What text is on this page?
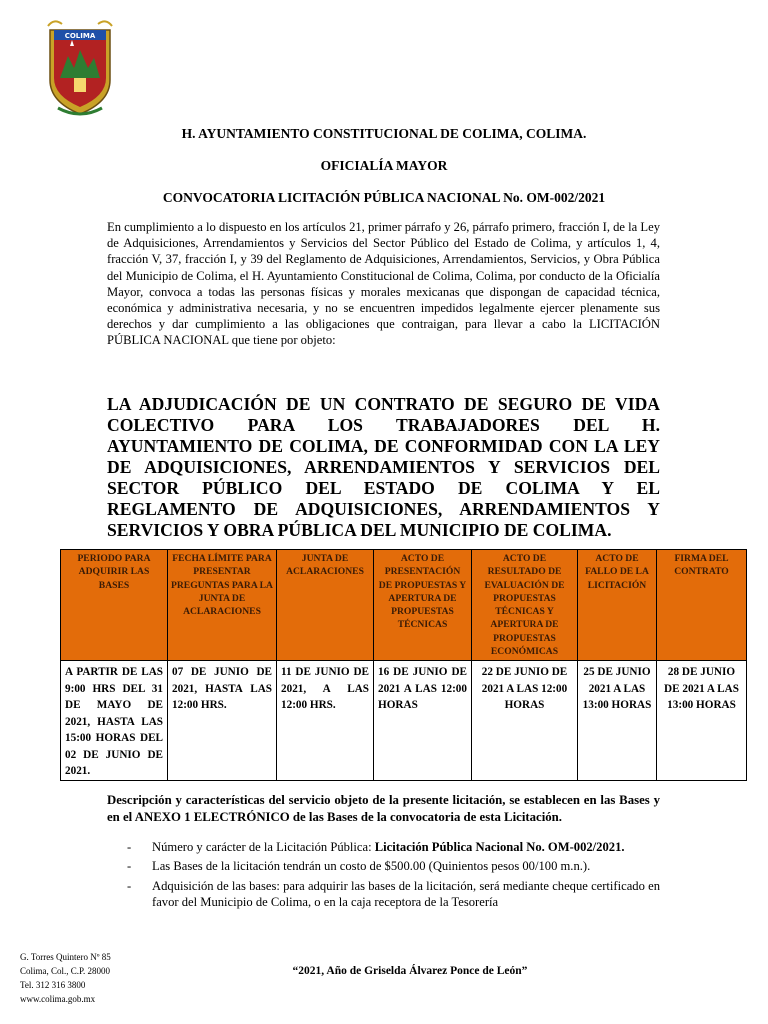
COLIMA
H. AYUNTAMIENTO CONSTITUCIONAL DE COLIMA, COLIMA.
OFICIALÍA MAYOR
CONVOCATORIA LICITACIÓN PÚBLICA NACIONAL No. OM-002/2021
En cumplimiento a lo dispuesto en los artículos 21, primer párrafo y 26, párrafo primero, fracción I, de la Ley de Adquisiciones, Arrendamientos y Servicios del Sector Público del Estado de Colima, y artículos 1, 4, fracción V, 37, fracción I, y 39 del Reglamento de Adquisiciones, Arrendamientos, Servicios, y Obra Pública del Municipio de Colima, el H. Ayuntamiento Constitucional de Colima, Colima, por conducto de la Oficialía Mayor, convoca a todas las personas físicas y morales mexicanas que dispongan de capacidad técnica, económica y administrativa necesaria, y no se encuentren impedidos legalmente ejercer plenamente sus derechos y dar cumplimiento a las obligaciones que contraigan, para llevar a cabo la LICITACIÓN PÚBLICA NACIONAL que tiene por objeto:
LA ADJUDICACIÓN DE UN CONTRATO DE SEGURO DE VIDA COLECTIVO PARA LOS TRABAJADORES DEL H. AYUNTAMIENTO DE COLIMA, DE CONFORMIDAD CON LA LEY DE ADQUISICIONES, ARRENDAMIENTOS Y SERVICIOS DEL SECTOR PÚBLICO DEL ESTADO DE COLIMA Y EL REGLAMENTO DE ADQUISICIONES, ARRENDAMIENTOS Y SERVICIOS Y OBRA PÚBLICA DEL MUNICIPIO DE COLIMA.
PERIODO PARA ADQUIRIR LAS BASES	FECHA LÍMITE PARA PRESENTAR PREGUNTAS PARA LA JUNTA DE ACLARACIONES	JUNTA DE ACLARACIONES	ACTO DE PRESENTACIÓN DE PROPUESTAS Y APERTURA DE PROPUESTAS TÉCNICAS	ACTO DE RESULTADO DE EVALUACIÓN DE PROPUESTAS TÉCNICAS Y APERTURA DE PROPUESTAS ECONÓMICAS	ACTO DE FALLO DE LA LICITACIÓN	FIRMA DEL CONTRATO
A PARTIR DE LAS 9:00 HRS DEL 31 DE MAYO DE 2021, HASTA LAS 15:00 HORAS DEL 02 DE JUNIO DE 2021.	07 DE JUNIO DE 2021, HASTA LAS 12:00 HRS.	11 DE JUNIO DE 2021, A LAS 12:00 HRS.	16 DE JUNIO DE 2021 A LAS 12:00 HORAS	22 DE JUNIO DE 2021 A LAS 12:00 HORAS	25 DE JUNIO 2021 A LAS 13:00 HORAS	28 DE JUNIO DE 2021 A LAS 13:00 HORAS
Descripción y características del servicio objeto de la presente licitación, se establecen en las Bases y en el ANEXO 1 ELECTRÓNICO de las Bases de la convocatoria de esta Licitación.
- Número y carácter de la Licitación Pública: Licitación Pública Nacional No. OM-002/2021.
- Las Bases de la licitación tendrán un costo de $500.00 (Quinientos pesos 00/100 m.n.).
- Adquisición de las bases: para adquirir las bases de la licitación, será mediante cheque certificado en favor del Municipio de Colima, o en la caja receptora de la Tesorería
G. Torres Quintero Nº 85
Colima, Col., C.P. 28000
Tel. 312 316 3800
www.colima.gob.mx
“2021, Año de Griselda Álvarez Ponce de León”
